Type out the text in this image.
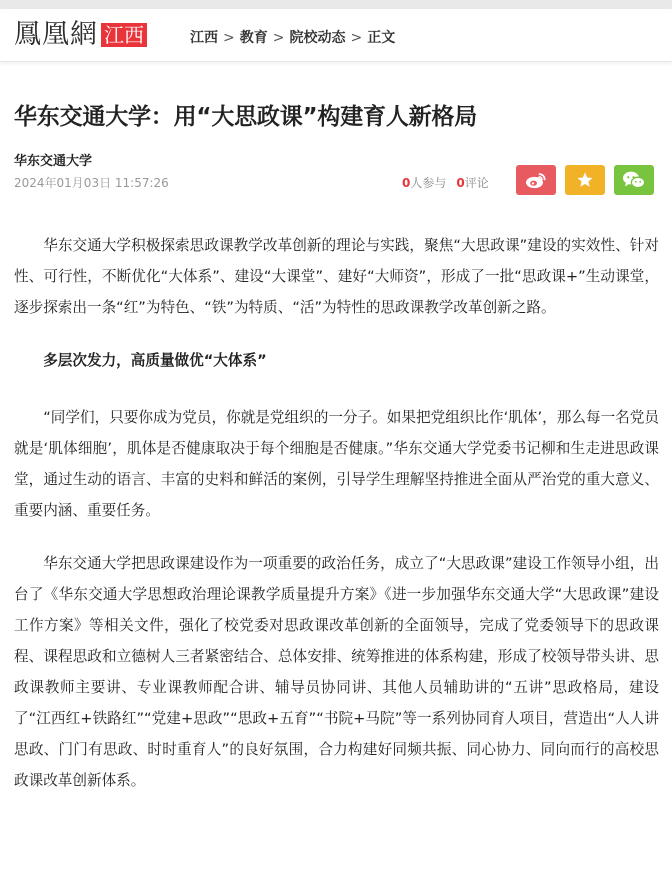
鳳凰網 江西	江西 > 教育 > 院校动态 > 正文
华东交通大学：用“大思政课”构建育人新格局
华东交通大学
2024年01月03日 11:57:26	0人参与 0评论

华东交通大学积极探索思政课教学改革创新的理论与实践，聚焦“大思政课”建设的实效性、针对性、可行性，不断优化“大体系”、建设“大课堂”、建好“大师资”，形成了一批“思政课+”生动课堂，逐步探索出一条“红”为特色、“铁”为特质、“活”为特性的思政课教学改革创新之路。

多层次发力，高质量做优“大体系”

“同学们，只要你成为党员，你就是党组织的一分子。如果把党组织比作‘肌体’，那么每一名党员就是‘肌体细胞’，肌体是否健康取决于每个细胞是否健康。”华东交通大学党委书记柳和生走进思政课堂，通过生动的语言、丰富的史料和鲜活的案例，引导学生理解坚持推进全面从严治党的重大意义、重要内涵、重要任务。

华东交通大学把思政课建设作为一项重要的政治任务，成立了“大思政课”建设工作领导小组，出台了《华东交通大学思想政治理论课教学质量提升方案》《进一步加强华东交通大学“大思政课”建设工作方案》等相关文件，强化了校党委对思政课改革创新的全面领导，完成了党委领导下的思政课程、课程思政和立德树人三者紧密结合、总体安排、统筹推进的体系构建，形成了校领导带头讲、思政课教师主要讲、专业课教师配合讲、辅导员协同讲、其他人员辅助讲的“五讲”思政格局，建设了“江西红+铁路红”“党建+思政”“思政+五育”“书院+马院”等一系列协同育人项目，营造出“人人讲思政、门门有思政、时时重育人”的良好氛围，合力构建好同频共振、同心协力、同向而行的高校思政课改革创新体系。
